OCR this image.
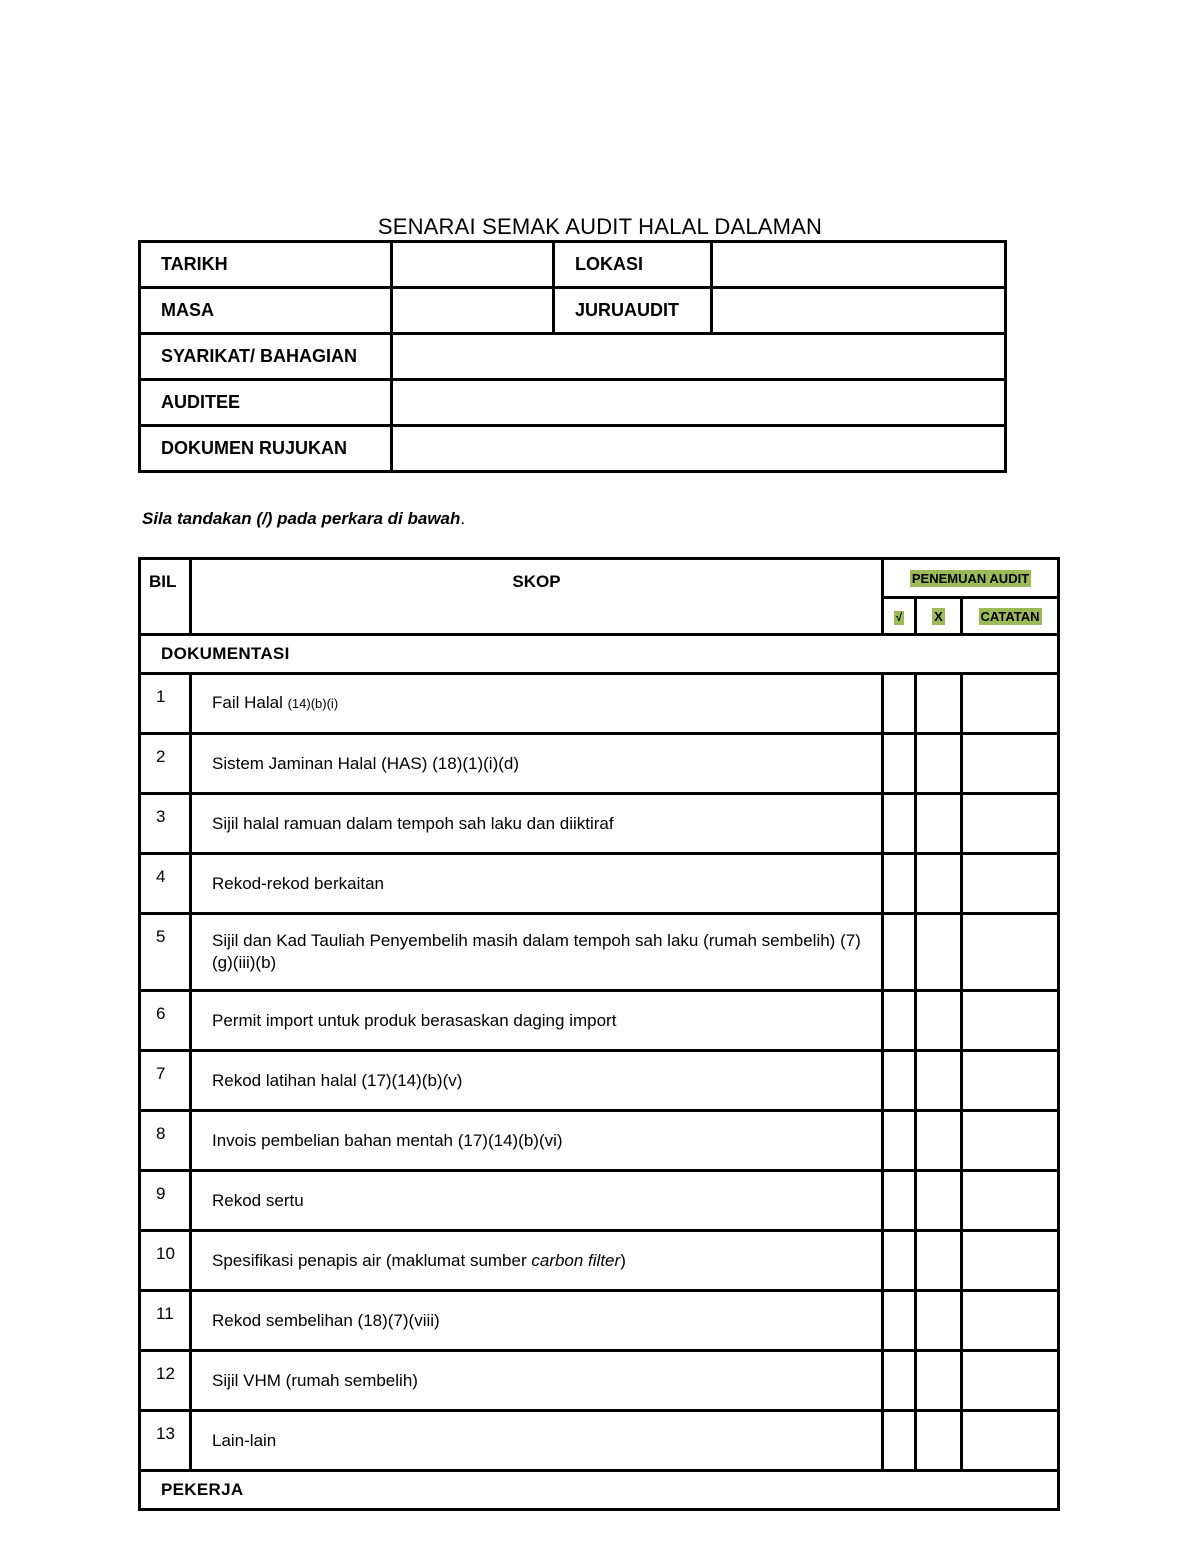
SENARAI SEMAK AUDIT HALAL DALAMAN
TARIKH		LOKASI	
MASA		JURUAUDIT	
SYARIKAT/ BAHAGIAN			
AUDITEE			
DOKUMEN RUJUKAN			
Sila tandakan (/) pada perkara di bawah.
BIL	SKOP	PENEMUAN AUDIT		
		√	X	CATATAN
DOKUMENTASI				
1	Fail Halal (14)(b)(i)			
2	Sistem Jaminan Halal (HAS) (18)(1)(i)(d)			
3	Sijil halal ramuan dalam tempoh sah laku dan diiktiraf			
4	Rekod-rekod berkaitan			
5	Sijil dan Kad Tauliah Penyembelih masih dalam tempoh sah laku (rumah sembelih) (7)(g)(iii)(b)			
6	Permit import untuk produk berasaskan daging import			
7	Rekod latihan halal (17)(14)(b)(v)			
8	Invois pembelian bahan mentah (17)(14)(b)(vi)			
9	Rekod sertu			
10	Spesifikasi penapis air (maklumat sumber carbon filter)			
11	Rekod sembelihan (18)(7)(viii)			
12	Sijil VHM (rumah sembelih)			
13	Lain-lain			
PEKERJA				
